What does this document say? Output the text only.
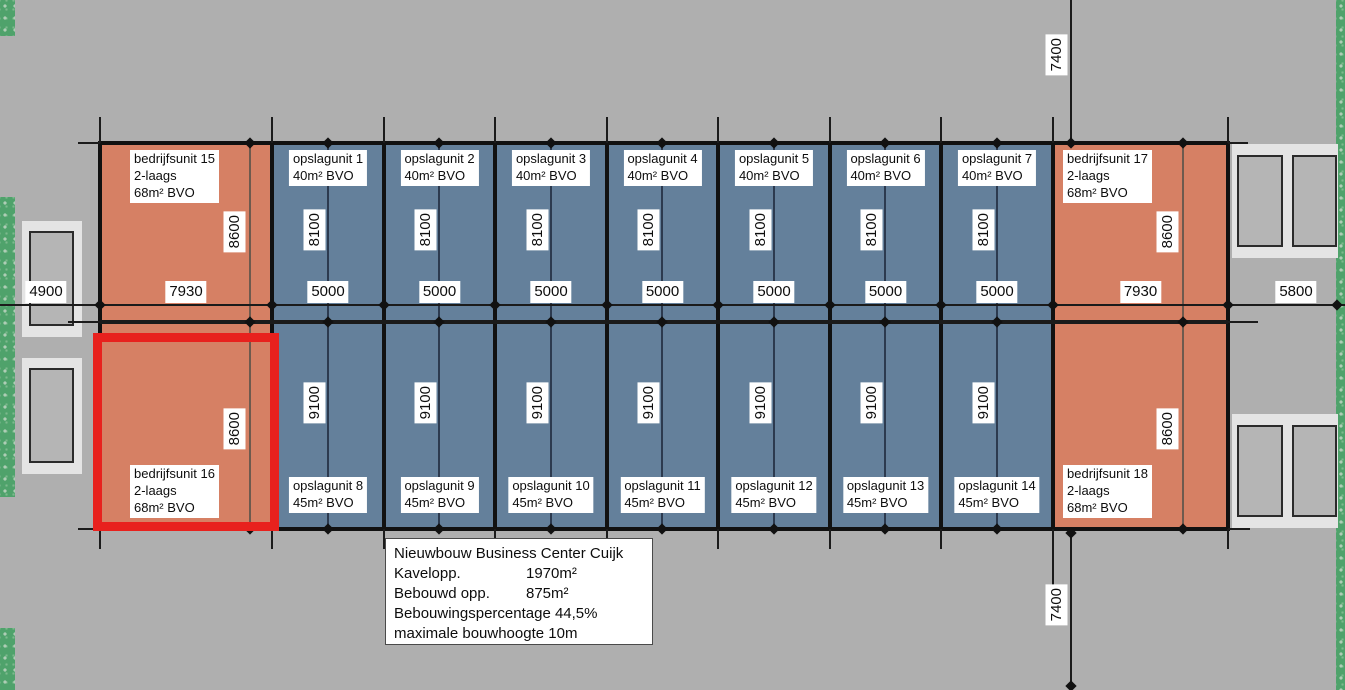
7400
7400
4900	5800
Nieuwbouw Business Center Cuijk
Kavelopp.	1970m²
Bebouwd opp. 875m²
Bebouwingspercentage 44,5%
maximale bouwhoogte 10m
bedrijfsunit 15
2-laags
68m² BVO
8600
7930
opslagunit 1
40m² BVO
8100
5000
opslagunit 2
40m² BVO
8100
5000
opslagunit 3
40m² BVO
8100
5000
opslagunit 4
40m² BVO
8100
5000
opslagunit 5
40m² BVO
8100
5000
opslagunit 6
40m² BVO
8100
5000
opslagunit 7
40m² BVO
8100
5000
bedrijfsunit 17
2-laags
68m² BVO
8600
7930
bedrijfsunit 16
2-laags
68m² BVO
8600
opslagunit 8
45m² BVO
9100
opslagunit 9
45m² BVO
9100
opslagunit 10
45m² BVO
9100
opslagunit 11
45m² BVO
9100
opslagunit 12
45m² BVO
9100
opslagunit 13
45m² BVO
9100
opslagunit 14
45m² BVO
9100
bedrijfsunit 18
2-laags
68m² BVO
8600
